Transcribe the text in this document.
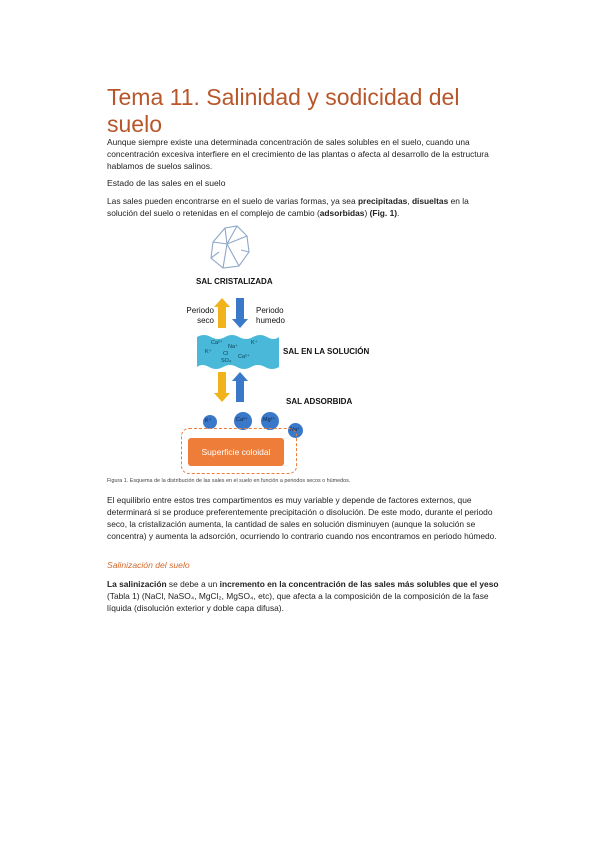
Tema 11. Salinidad y sodicidad del suelo
Aunque siempre existe una determinada concentración de sales solubles en el suelo, cuando una concentración excesiva interfiere en el crecimiento de las plantas o afecta al desarrollo de la estructura hablamos de suelos salinos.
Estado de las sales en el suelo
Las sales pueden encontrarse en el suelo de varias formas, ya sea precipitadas, disueltas en la solución del suelo o retenidas en el complejo de cambio (adsorbidas) (Fig. 1).
SAL CRISTALIZADA
Periodo seco
Periodo humedo
Ca²⁺
Na⁺
K⁺
K⁺
SO₄
Cl Ca²⁺
SAL EN LA SOLUCIÓN
SAL ADSORBIDA
K⁺	Ca²⁺	Mg²⁺
Na⁺
Superficie coloidal
Figura 1. Esquema de la distribución de las sales en el suelo en función a periodos secos o húmedos.
El equilibrio entre estos tres compartimentos es muy variable y depende de factores externos, que determinará si se produce preferentemente precipitación o disolución. De este modo, durante el periodo seco, la cristalización aumenta, la cantidad de sales en solución disminuyen (aunque la solución se concentra) y aumenta la adsorción, ocurriendo lo contrario cuando nos encontramos en periodo húmedo.
Salinización del suelo
La salinización se debe a un incremento en la concentración de las sales más solubles que el yeso (Tabla 1) (NaCl, NaSO₄, MgCl₂, MgSO₄, etc), que afecta a la composición de la composición de la fase líquida (disolución exterior y doble capa difusa).
